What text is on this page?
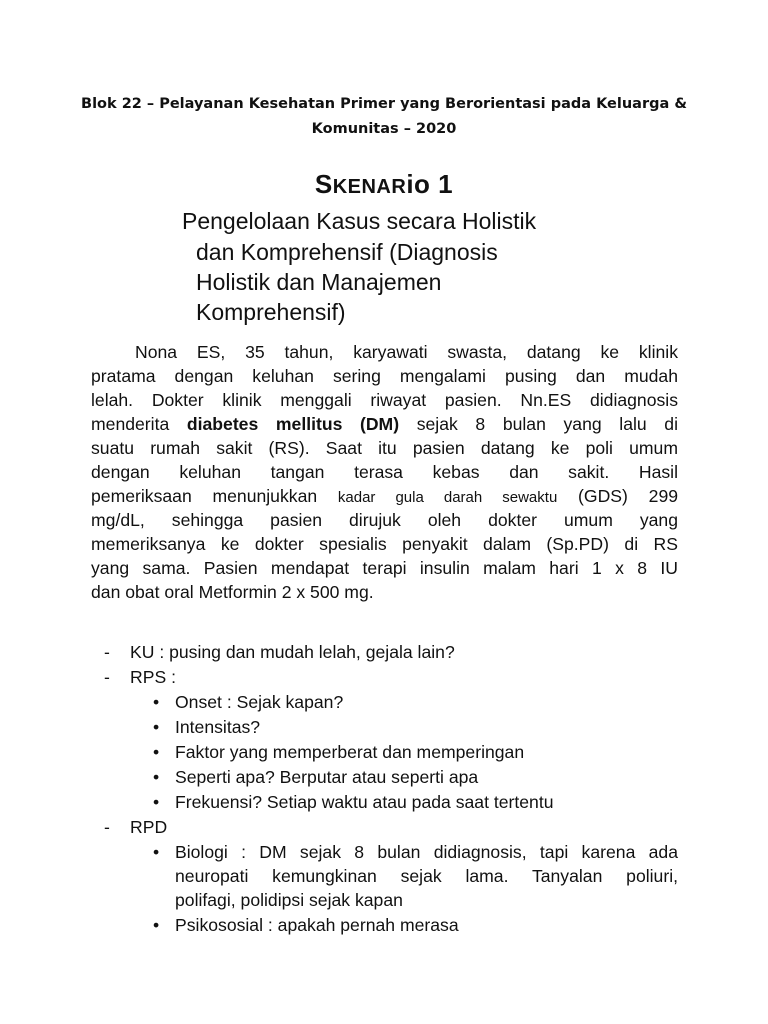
Blok 22 – Pelayanan Kesehatan Primer yang Berorientasi pada Keluarga &
Komunitas – 2020
SKENARio 1
Pengelolaan Kasus secara Holistik
dan Komprehensif (Diagnosis
Holistik dan Manajemen
Komprehensif)
Nona ES, 35 tahun, karyawati swasta, datang ke klinik
pratama dengan keluhan sering mengalami pusing dan mudah
lelah. Dokter klinik menggali riwayat pasien. Nn.ES didiagnosis
menderita diabetes mellitus (DM) sejak 8 bulan yang lalu di
suatu rumah sakit (RS). Saat itu pasien datang ke poli umum
dengan keluhan tangan terasa kebas dan sakit. Hasil
pemeriksaan menunjukkan kadar gula darah sewaktu (GDS) 299
mg/dL, sehingga pasien dirujuk oleh dokter umum yang
memeriksanya ke dokter spesialis penyakit dalam (Sp.PD) di RS
yang sama. Pasien mendapat terapi insulin malam hari 1 x 8 IU
dan obat oral Metformin 2 x 500 mg.
- KU : pusing dan mudah lelah, gejala lain?
- RPS :
• Onset : Sejak kapan?
• Intensitas?
• Faktor yang memperberat dan memperingan
• Seperti apa? Berputar atau seperti apa
• Frekuensi? Setiap waktu atau pada saat tertentu
- RPD
• Biologi : DM sejak 8 bulan didiagnosis, tapi karena ada
neuropati kemungkinan sejak lama. Tanyalan poliuri,
polifagi, polidipsi sejak kapan
• Psikososial : apakah pernah merasa
